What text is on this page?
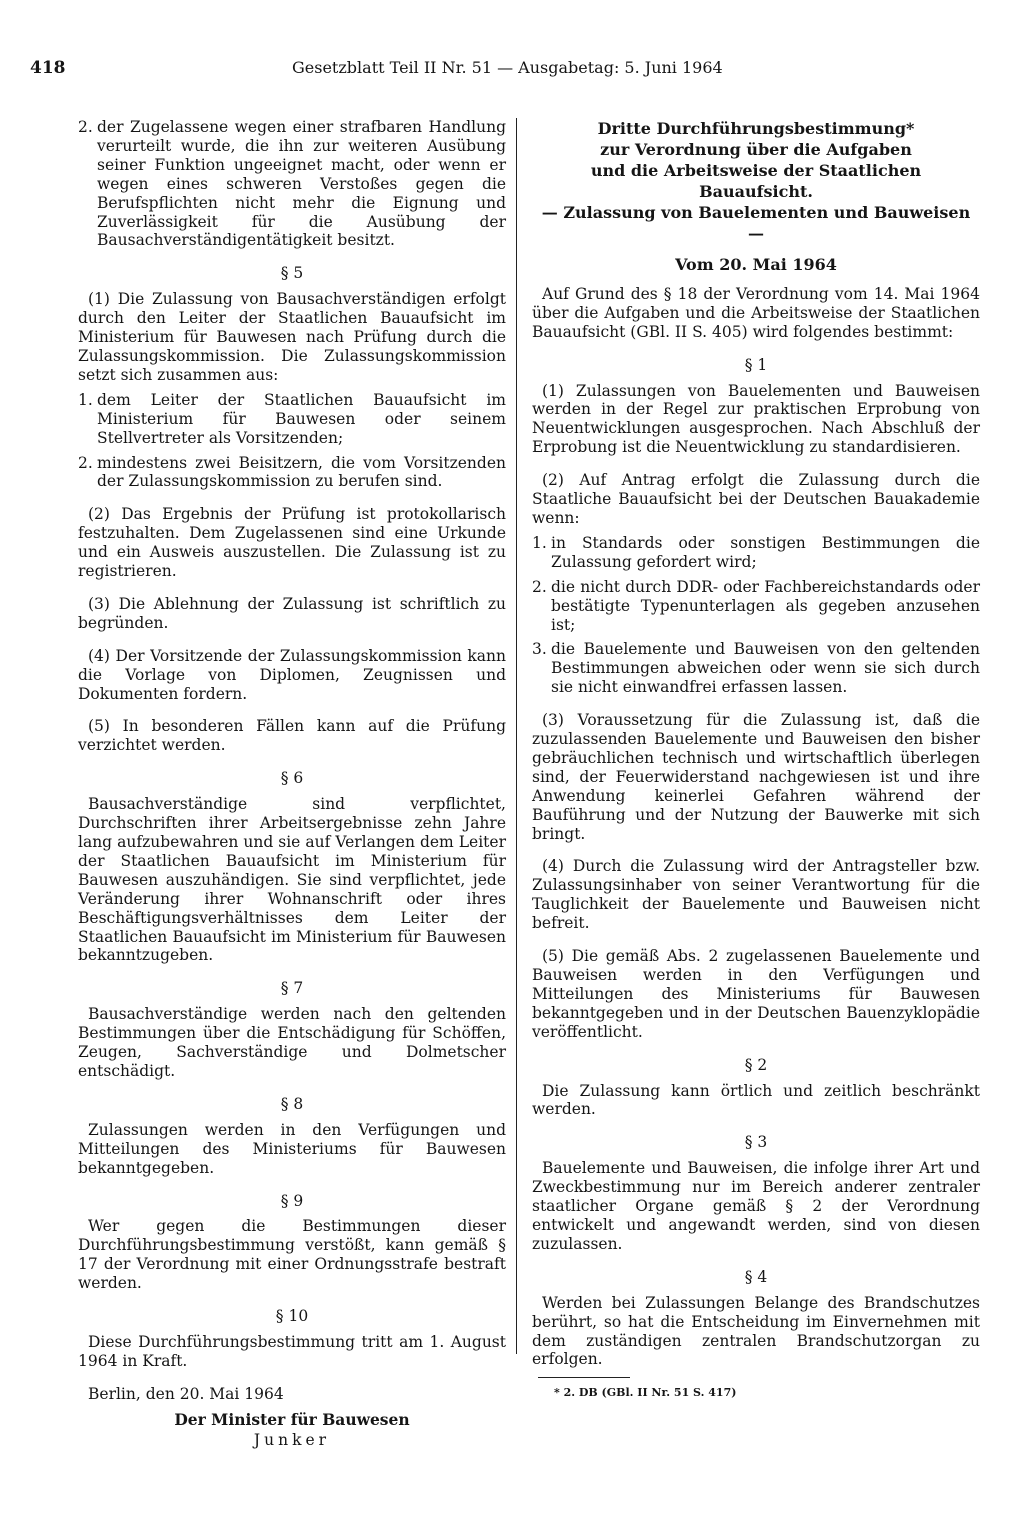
418	Gesetzblatt Teil II Nr. 51 — Ausgabetag: 5. Juni 1964
2. der Zugelassene wegen einer strafbaren Handlung verurteilt wurde, die ihn zur weiteren Ausübung seiner Funktion ungeeignet macht, oder wenn er wegen eines schweren Verstoßes gegen die Berufspflichten nicht mehr die Eignung und Zuverlässigkeit für die Ausübung der Bausachverständigentätigkeit besitzt.

§ 5

(1) Die Zulassung von Bausachverständigen erfolgt durch den Leiter der Staatlichen Bauaufsicht im Ministerium für Bauwesen nach Prüfung durch die Zulassungskommission. Die Zulassungskommission setzt sich zusammen aus:

1. dem Leiter der Staatlichen Bauaufsicht im Ministerium für Bauwesen oder seinem Stellvertreter als Vorsitzenden;
2. mindestens zwei Beisitzern, die vom Vorsitzenden der Zulassungskommission zu berufen sind.

(2) Das Ergebnis der Prüfung ist protokollarisch festzuhalten. Dem Zugelassenen sind eine Urkunde und ein Ausweis auszustellen. Die Zulassung ist zu registrieren.

(3) Die Ablehnung der Zulassung ist schriftlich zu begründen.

(4) Der Vorsitzende der Zulassungskommission kann die Vorlage von Diplomen, Zeugnissen und Dokumenten fordern.

(5) In besonderen Fällen kann auf die Prüfung verzichtet werden.

§ 6

Bausachverständige sind verpflichtet, Durchschriften ihrer Arbeitsergebnisse zehn Jahre lang aufzubewahren und sie auf Verlangen dem Leiter der Staatlichen Bauaufsicht im Ministerium für Bauwesen auszuhändigen. Sie sind verpflichtet, jede Veränderung ihrer Wohnanschrift oder ihres Beschäftigungsverhältnisses dem Leiter der Staatlichen Bauaufsicht im Ministerium für Bauwesen bekanntzugeben.

§ 7

Bausachverständige werden nach den geltenden Bestimmungen über die Entschädigung für Schöffen, Zeugen, Sachverständige und Dolmetscher entschädigt.

§ 8

Zulassungen werden in den Verfügungen und Mitteilungen des Ministeriums für Bauwesen bekanntgegeben.

§ 9

Wer gegen die Bestimmungen dieser Durchführungsbestimmung verstößt, kann gemäß § 17 der Verordnung mit einer Ordnungsstrafe bestraft werden.

§ 10

Diese Durchführungsbestimmung tritt am 1. August 1964 in Kraft.

Berlin, den 20. Mai 1964

Der Minister für Bauwesen
Junker
Dritte Durchführungsbestimmung*
zur Verordnung über die Aufgaben
und die Arbeitsweise der Staatlichen Bauaufsicht.
— Zulassung von Bauelementen und Bauweisen —
Vom 20. Mai 1964

Auf Grund des § 18 der Verordnung vom 14. Mai 1964 über die Aufgaben und die Arbeitsweise der Staatlichen Bauaufsicht (GBl. II S. 405) wird folgendes bestimmt:

§ 1

(1) Zulassungen von Bauelementen und Bauweisen werden in der Regel zur praktischen Erprobung von Neuentwicklungen ausgesprochen. Nach Abschluß der Erprobung ist die Neuentwicklung zu standardisieren.

(2) Auf Antrag erfolgt die Zulassung durch die Staatliche Bauaufsicht bei der Deutschen Bauakademie wenn:

1. in Standards oder sonstigen Bestimmungen die Zulassung gefordert wird;
2. die nicht durch DDR- oder Fachbereichstandards oder bestätigte Typenunterlagen als gegeben anzusehen ist;
3. die Bauelemente und Bauweisen von den geltenden Bestimmungen abweichen oder wenn sie sich durch sie nicht einwandfrei erfassen lassen.

(3) Voraussetzung für die Zulassung ist, daß die zuzulassenden Bauelemente und Bauweisen den bisher gebräuchlichen technisch und wirtschaftlich überlegen sind, der Feuerwiderstand nachgewiesen ist und ihre Anwendung keinerlei Gefahren während der Bauführung und der Nutzung der Bauwerke mit sich bringt.

(4) Durch die Zulassung wird der Antragsteller bzw. Zulassungsinhaber von seiner Verantwortung für die Tauglichkeit der Bauelemente und Bauweisen nicht befreit.

(5) Die gemäß Abs. 2 zugelassenen Bauelemente und Bauweisen werden in den Verfügungen und Mitteilungen des Ministeriums für Bauwesen bekanntgegeben und in der Deutschen Bauenzyklopädie veröffentlicht.

§ 2

Die Zulassung kann örtlich und zeitlich beschränkt werden.

§ 3

Bauelemente und Bauweisen, die infolge ihrer Art und Zweckbestimmung nur im Bereich anderer zentraler staatlicher Organe gemäß § 2 der Verordnung entwickelt und angewandt werden, sind von diesen zuzulassen.

§ 4

Werden bei Zulassungen Belange des Brandschutzes berührt, so hat die Entscheidung im Einvernehmen mit dem zuständigen zentralen Brandschutzorgan zu erfolgen.

* 2. DB (GBl. II Nr. 51 S. 417)
